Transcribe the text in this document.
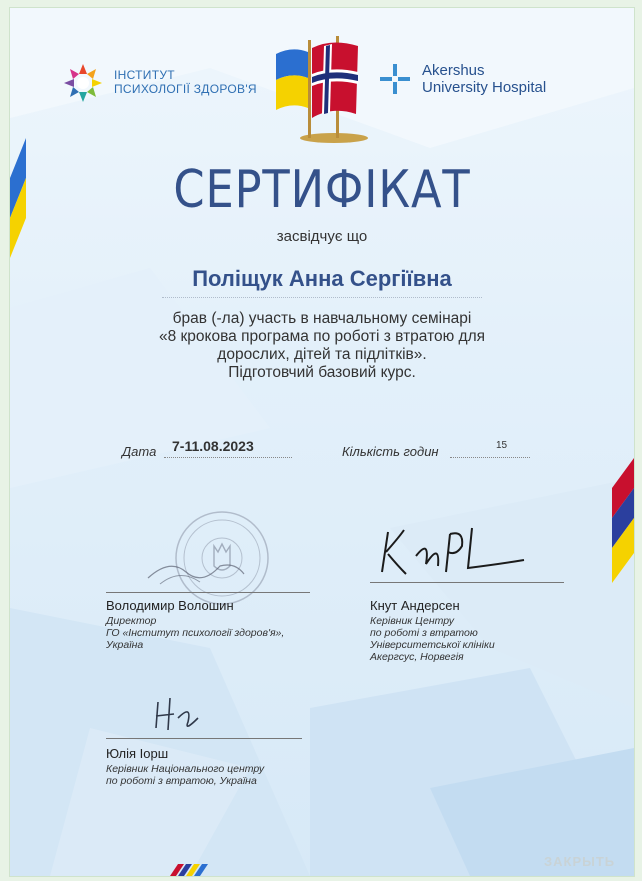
ІНСТИТУТ
ПСИХОЛОГІЇ ЗДОРОВ'Я
Akershus
University Hospital
СЕРТИФІКАТ
засвідчує що
Поліщук Анна Сергіївна
брав (-ла) участь в навчальному семінарі
«8 крокова програма по роботі з втратою для
дорослих, дітей та підлітків».
Підготовчий базовий курс.
Дата 7-11.08.2023	Кількість годин	15
Володимир Волошин
Директор
ГО «Інститут психології здоров'я»,
Україна
Кнут Андерсен
Керівник Центру
по роботі з втратою
Університетської клініки
Акергсус, Норвегія
Юлія Іорш
Керівник Національного центру
по роботі з втратою, Україна
ЗАКРЫТЬ
